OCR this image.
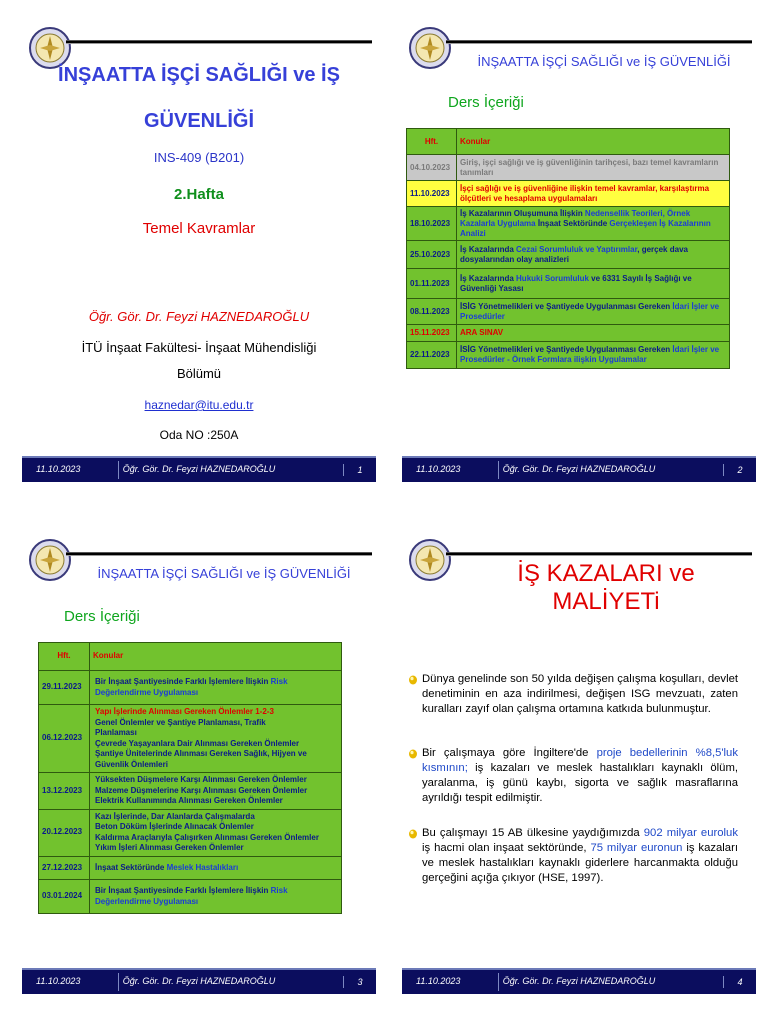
İNŞAATTA İŞÇİ SAĞLIĞI ve İŞ
GÜVENLİĞİ
INS-409 (B201)
2.Hafta
Temel Kavramlar
Öğr. Gör. Dr. Feyzi HAZNEDAROĞLU
İTÜ İnşaat Fakültesi- İnşaat Mühendisliği
Bölümü
haznedar@itu.edu.tr
Oda NO :250A
11.10.2023	Öğr. Gör. Dr. Feyzi HAZNEDAROĞLU	1
İNŞAATTA İŞÇİ SAĞLIĞI ve İŞ GÜVENLİĞİ
Ders İçeriği
Hft.	Konular
04.10.2023	Giriş, işçi sağlığı ve iş güvenliğinin tarihçesi, bazı temel kavramların tanımları
11.10.2023	İşçi sağlığı ve iş güvenliğine ilişkin temel kavramlar, karşılaştırma ölçütleri ve hesaplama uygulamaları
18.10.2023	İş Kazalarının Oluşumuna İlişkin Nedensellik Teorileri, Örnek Kazalarla Uygulama İnşaat Sektöründe Gerçekleşen İş Kazalarının Analizi
25.10.2023	İş Kazalarında Cezai Sorumluluk ve Yaptırımlar, gerçek dava dosyalarından olay analizleri
01.11.2023	İş Kazalarında Hukuki Sorumluluk ve 6331 Sayılı İş Sağlığı ve Güvenliği Yasası
08.11.2023	İSİG Yönetmelikleri ve Şantiyede Uygulanması Gereken İdari İşler ve Prosedürler
15.11.2023	ARA SINAV
22.11.2023	İSİG Yönetmelikleri ve Şantiyede Uygulanması Gereken İdari İşler ve Prosedürler - Örnek Formlara ilişkin Uygulamalar
11.10.2023	Öğr. Gör. Dr. Feyzi HAZNEDAROĞLU	2
İNŞAATTA İŞÇİ SAĞLIĞI ve İŞ GÜVENLİĞİ
Ders İçeriği
Hft.	Konular
29.11.2023	Bir İnşaat Şantiyesinde Farklı İşlemlere İlişkin Risk Değerlendirme Uygulaması

06.12.2023	Yapı İşlerinde Alınması Gereken Önlemler 1-2-3
Genel Önlemler ve Şantiye Planlaması, Trafik
Planlaması
Çevrede Yaşayanlara Dair Alınması Gereken Önlemler
Şantiye Ünitelerinde Alınması Gereken Sağlık, Hijyen ve Güvenlik Önlemleri

13.12.2023	Yüksekten Düşmelere Karşı Alınması Gereken Önlemler
Malzeme Düşmelerine Karşı Alınması Gereken Önlemler
Elektrik Kullanımında Alınması Gereken Önlemler

20.12.2023	Kazı İşlerinde, Dar Alanlarda Çalışmalarda
Beton Döküm İşlerinde Alınacak Önlemler
Kaldırma Araçlarıyla Çalışırken Alınması Gereken Önlemler
Yıkım İşleri Alınması Gereken Önlemler

27.12.2023	İnşaat Sektöründe Meslek Hastalıkları

03.01.2024	Bir İnşaat Şantiyesinde Farklı İşlemlere İlişkin Risk Değerlendirme Uygulaması
11.10.2023	Öğr. Gör. Dr. Feyzi HAZNEDAROĞLU	3
İŞ KAZALARI ve MALİYETi
Dünya genelinde son 50 yılda değişen çalışma koşulları, devlet denetiminin en aza indirilmesi, değişen ISG mevzuatı, zaten kuralları zayıf olan çalışma ortamına katkıda bulunmuştur.
Bir çalışmaya göre İngiltere'de proje bedellerinin %8,5'luk kısmının; iş kazaları ve meslek hastalıkları kaynaklı ölüm, yaralanma, iş günü kaybı, sigorta ve sağlık masraflarına ayrıldığı tespit edilmiştir.
Bu çalışmayı 15 AB ülkesine yaydığımızda 902 milyar euroluk iş hacmi olan inşaat sektöründe, 75 milyar euronun iş kazaları ve meslek hastalıkları kaynaklı giderlere harcanmakta olduğu gerçeğini açığa çıkıyor (HSE, 1997).
11.10.2023	Öğr. Gör. Dr. Feyzi HAZNEDAROĞLU	4
